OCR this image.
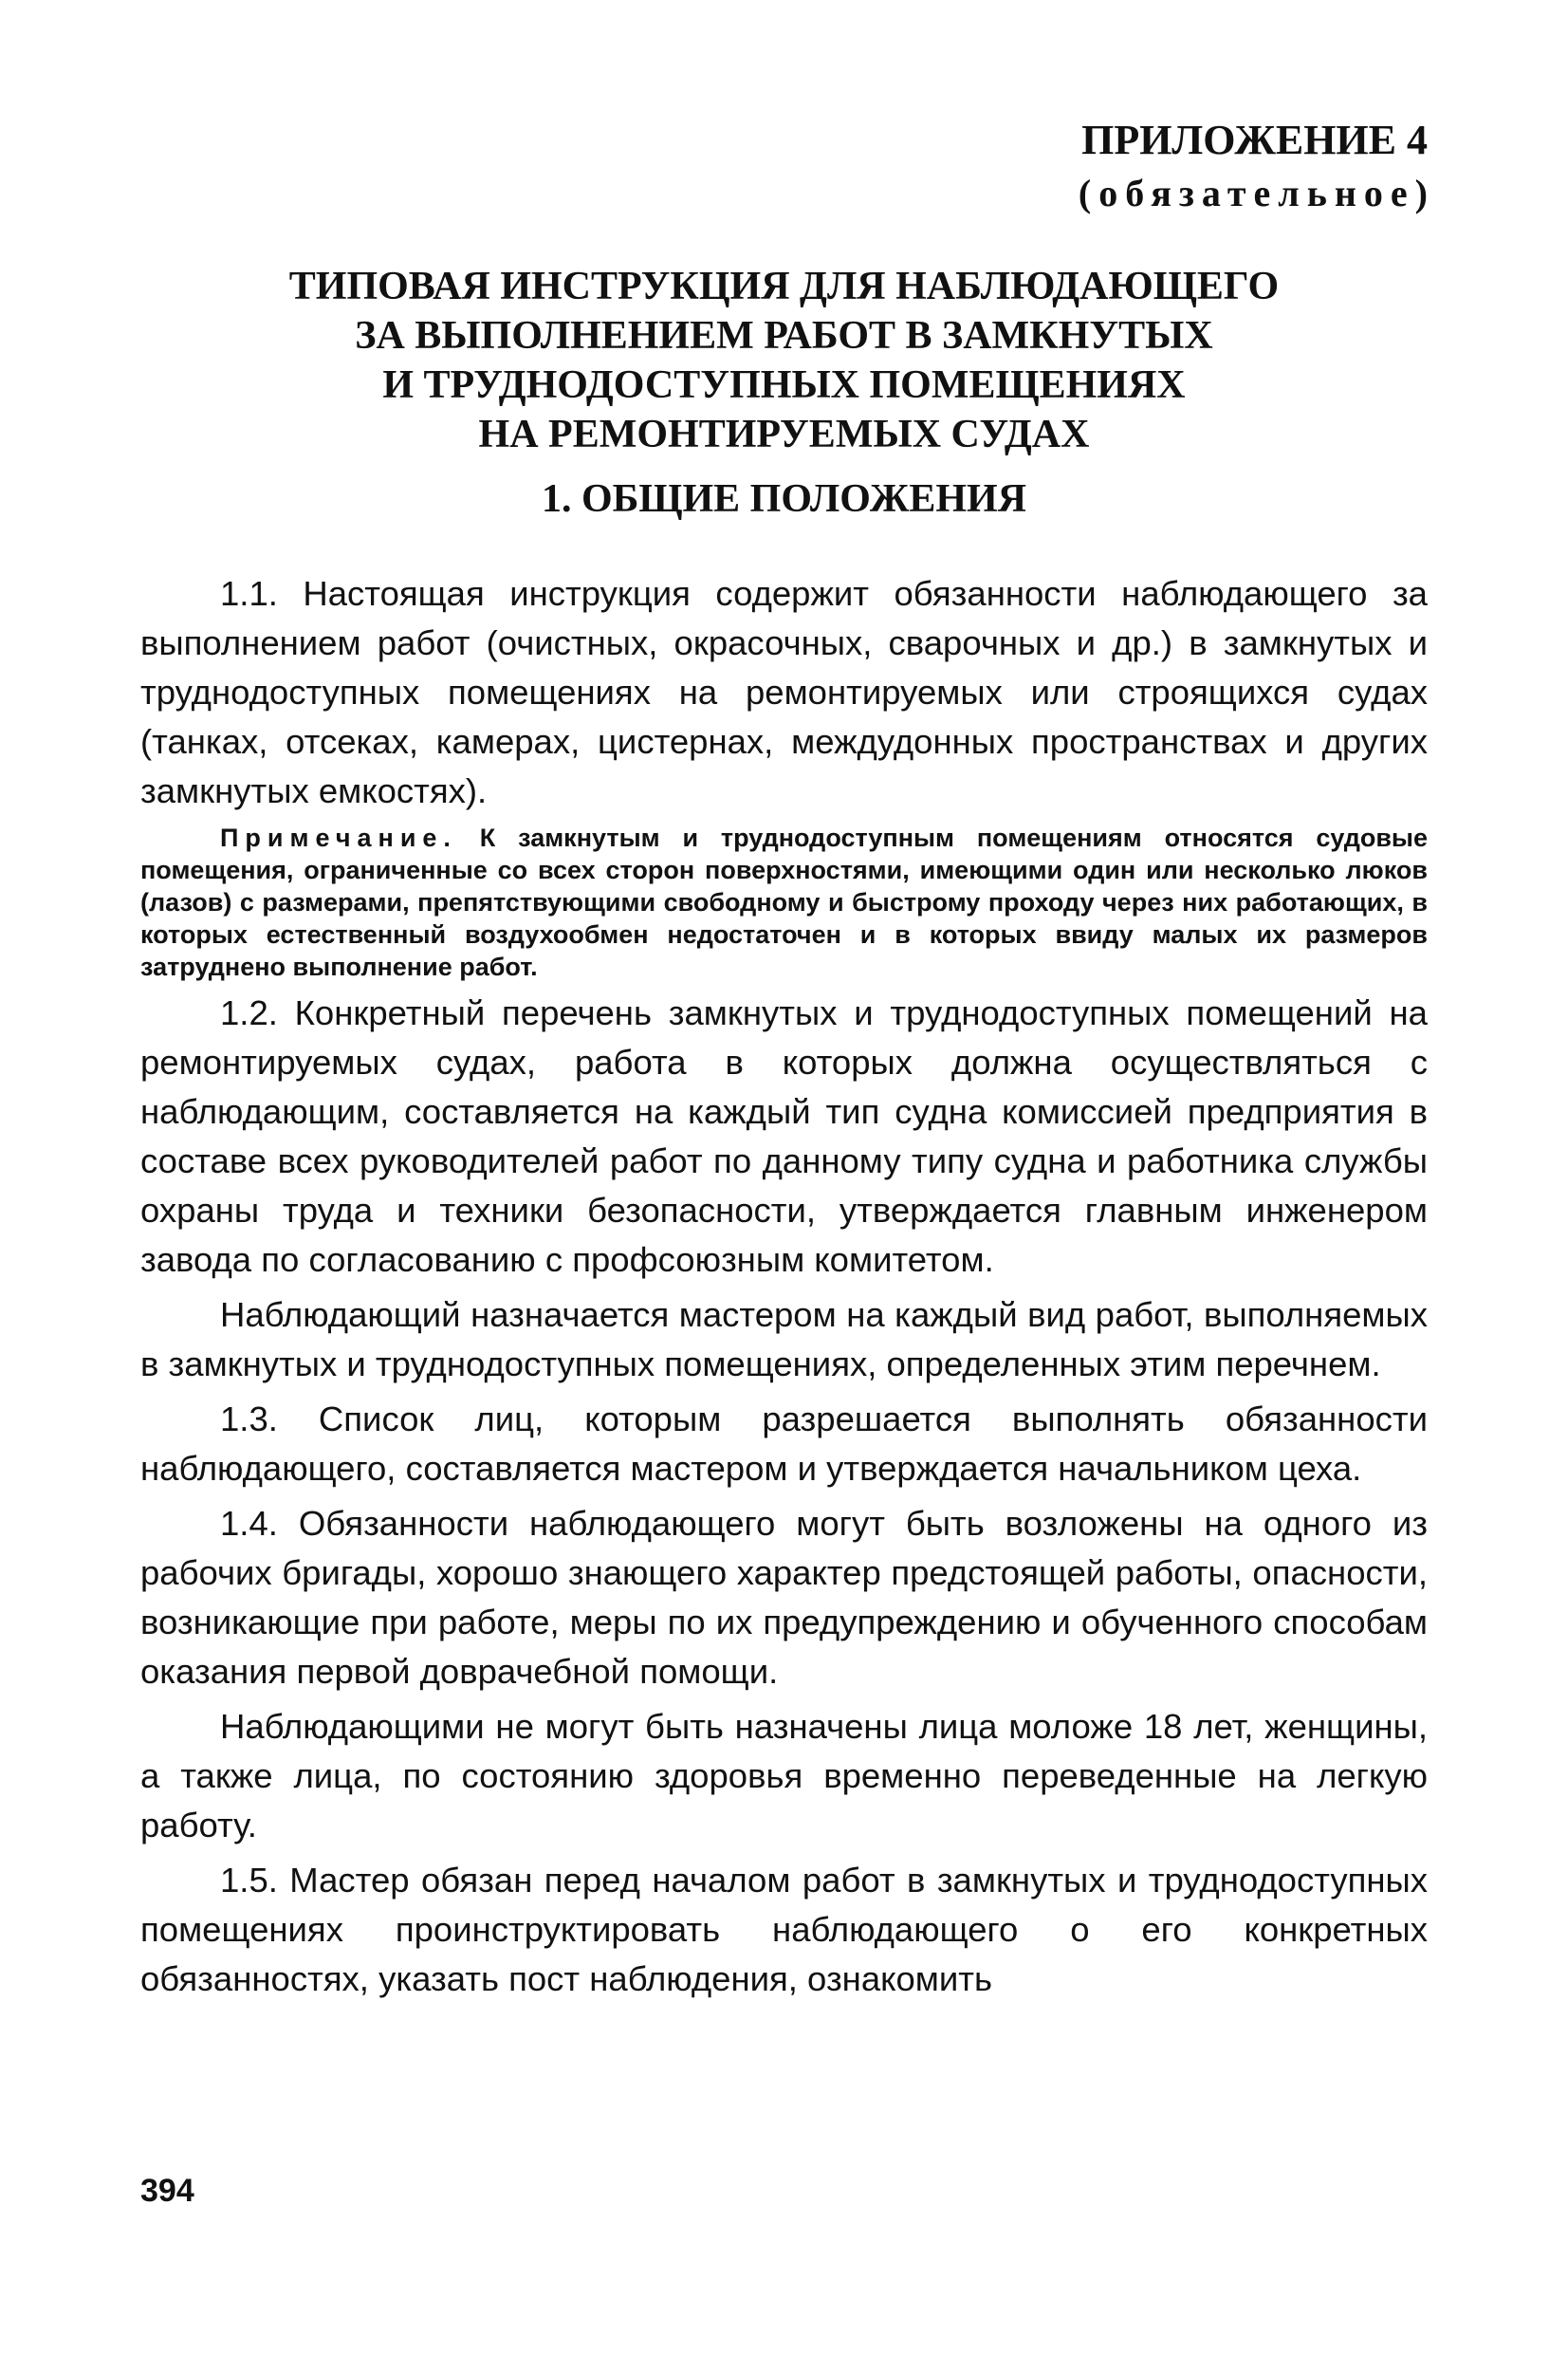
ПРИЛОЖЕНИЕ 4
(обязательное)
ТИПОВАЯ ИНСТРУКЦИЯ ДЛЯ НАБЛЮДАЮЩЕГО
ЗА ВЫПОЛНЕНИЕМ РАБОТ В ЗАМКНУТЫХ
И ТРУДНОДОСТУПНЫХ ПОМЕЩЕНИЯХ
НА РЕМОНТИРУЕМЫХ СУДАХ
1. ОБЩИЕ ПОЛОЖЕНИЯ

1.1. Настоящая инструкция содержит обязанности наблюдающего за выполнением работ (очистных, окрасочных, сварочных и др.) в замкнутых и труднодоступных помещениях на ремонтируемых или строящихся судах (танках, отсеках, камерах, цистернах, междудонных пространствах и других замкнутых емкостях).

Примечание. К замкнутым и труднодоступным помещениям относятся судовые помещения, ограниченные со всех сторон поверхностями, имеющими один или несколько люков (лазов) с размерами, препятствующими свободному и быстрому проходу через них работающих, в которых естественный воздухообмен недостаточен и в которых ввиду малых их размеров затруднено выполнение работ.

1.2. Конкретный перечень замкнутых и труднодоступных помещений на ремонтируемых судах, работа в которых должна осуществляться с наблюдающим, составляется на каждый тип судна комиссией предприятия в составе всех руководителей работ по данному типу судна и работника службы охраны труда и техники безопасности, утверждается главным инженером завода по согласованию с профсоюзным комитетом.

Наблюдающий назначается мастером на каждый вид работ, выполняемых в замкнутых и труднодоступных помещениях, определенных этим перечнем.

1.3. Список лиц, которым разрешается выполнять обязанности наблюдающего, составляется мастером и утверждается начальником цеха.

1.4. Обязанности наблюдающего могут быть возложены на одного из рабочих бригады, хорошо знающего характер предстоящей работы, опасности, возникающие при работе, меры по их предупреждению и обученного способам оказания первой доврачебной помощи.

Наблюдающими не могут быть назначены лица моложе 18 лет, женщины, а также лица, по состоянию здоровья временно переведенные на легкую работу.

1.5. Мастер обязан перед началом работ в замкнутых и труднодоступных помещениях проинструктировать наблюдающего о его конкретных обязанностях, указать пост наблюдения, ознакомить

394
